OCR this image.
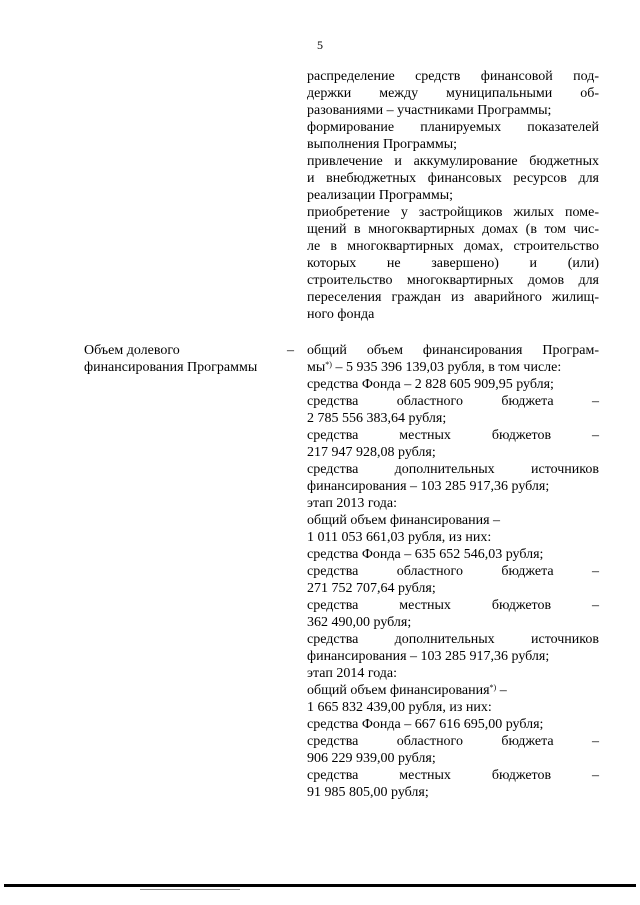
5
распределение средств финансовой под-
держки между муниципальными об-
разованиями – участниками Программы;
формирование планируемых показателей
выполнения Программы;
привлечение и аккумулирование бюджетных
и внебюджетных финансовых ресурсов для
реализации Программы;
приобретение у застройщиков жилых поме-
щений в многоквартирных домах (в том чис-
ле в многоквартирных домах, строительство
которых не завершено) и (или)
строительство многоквартирных домов для
переселения граждан из аварийного жилищ-
ного фонда
Объем долевого
финансирования Программы
– общий объем финансирования Програм-
мы*) – 5 935 396 139,03 рубля, в том числе:
средства Фонда – 2 828 605 909,95 рубля;
средства областного бюджета –
2 785 556 383,64 рубля;
средства местных бюджетов –
217 947 928,08 рубля;
средства дополнительных источников
финансирования – 103 285 917,36 рубля;
этап 2013 года:
общий объем финансирования –
1 011 053 661,03 рубля, из них:
средства Фонда – 635 652 546,03 рубля;
средства областного бюджета –
271 752 707,64 рубля;
средства местных бюджетов –
362 490,00 рубля;
средства дополнительных источников
финансирования – 103 285 917,36 рубля;
этап 2014 года:
общий объем финансирования*) –
1 665 832 439,00 рубля, из них:
средства Фонда – 667 616 695,00 рубля;
средства областного бюджета –
906 229 939,00 рубля;
средства местных бюджетов –
91 985 805,00 рубля;
